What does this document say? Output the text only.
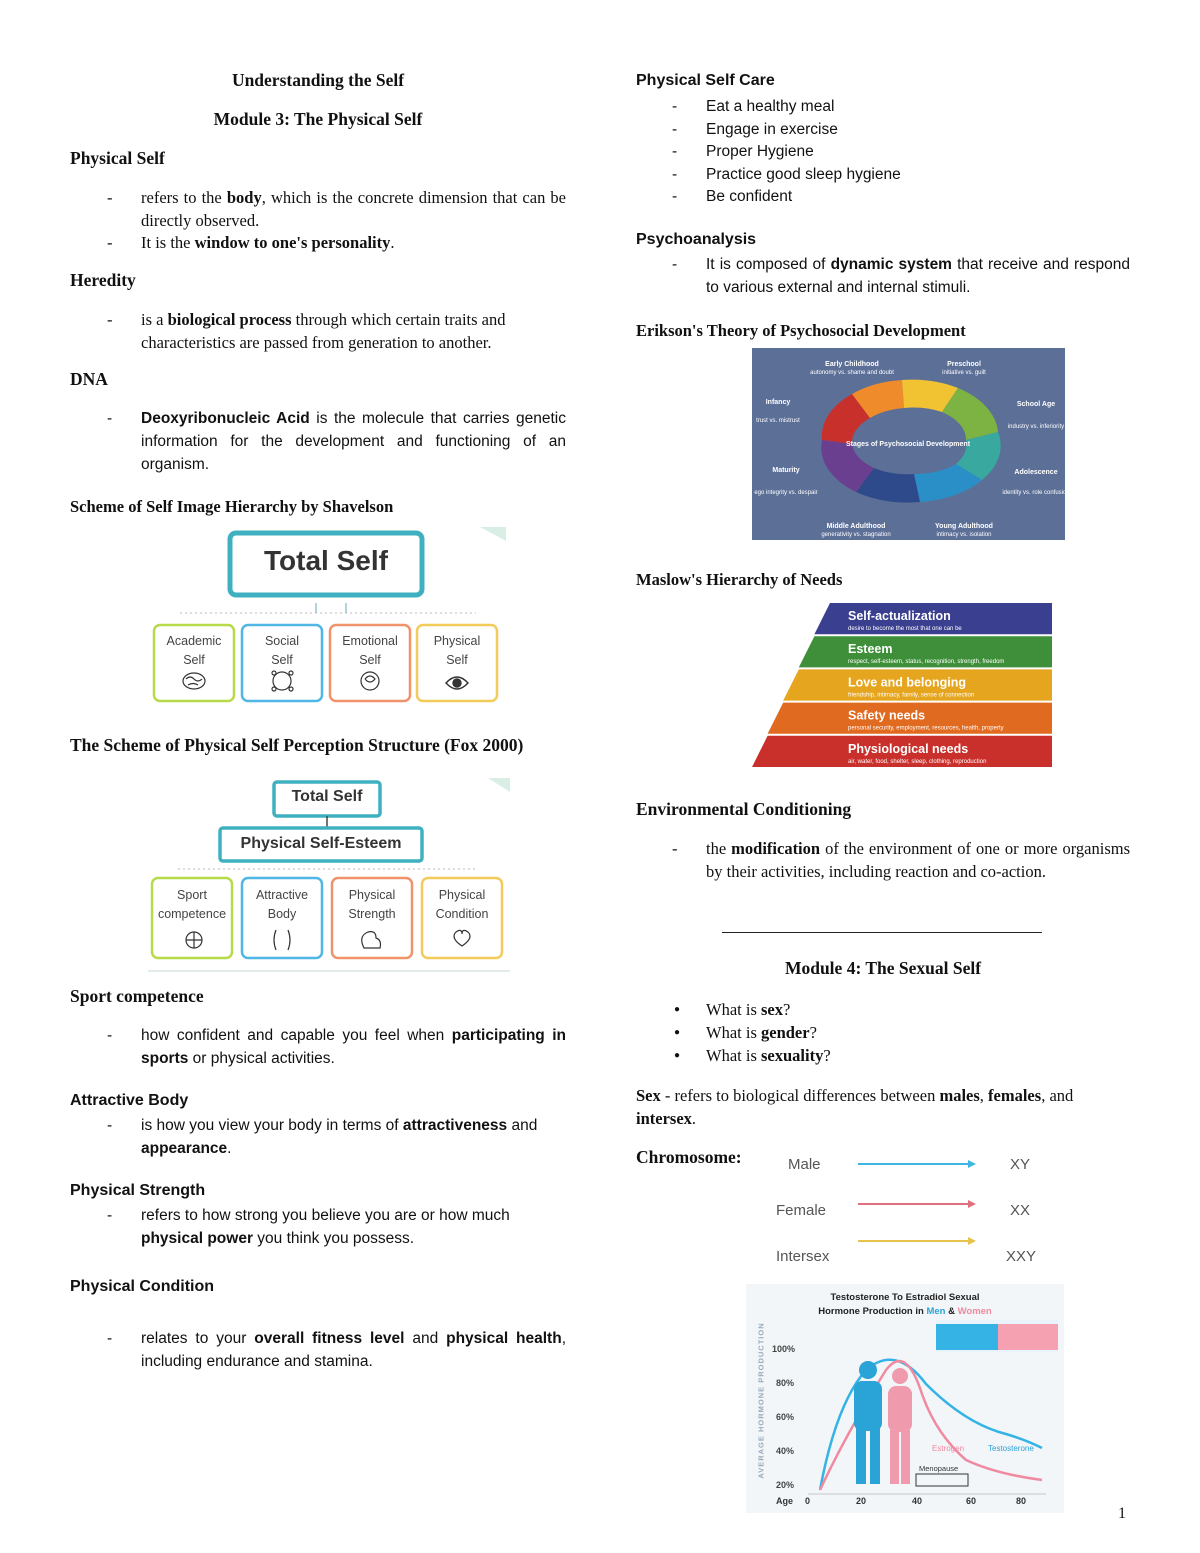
Understanding the Self
Module 3: The Physical Self
Physical Self
- refers to the body, which is the concrete dimension that can be directly observed.
- It is the window to one's personality.
Heredity
- is a biological process through which certain traits and characteristics are passed from generation to another.
DNA
- Deoxyribonucleic Acid is the molecule that carries genetic information for the development and functioning of an organism.
Scheme of Self Image Hierarchy by Shavelson
Total Self
Academic
Self
Social
Self
Emotional
Self
Physical
Self
The Scheme of Physical Self Perception Structure (Fox 2000)
Total Self
Physical Self-Esteem
Sport
competence
Attractive
Body
Physical
Strength
Physical
Condition
Sport competence
- how confident and capable you feel when participating in sports or physical activities.
Attractive Body
- is how you view your body in terms of attractiveness and appearance.
Physical Strength
- refers to how strong you believe you are or how much physical power you think you possess.
Physical Condition
- relates to your overall fitness level and physical health, including endurance and stamina.
Physical Self Care
- Eat a healthy meal
- Engage in exercise
- Proper Hygiene
- Practice good sleep hygiene
- Be confident
Psychoanalysis
- It is composed of dynamic system that receive and respond to various external and internal stimuli.
Erikson's Theory of Psychosocial Development
Infancy
trust vs. mistrust
Early Childhood
autonomy vs. shame and doubt
Preschool
initiative vs. guilt
School Age
industry vs. inferiority
Adolescence
identity vs. role confusion
Young Adulthood
intimacy vs. isolation
Middle Adulthood
generativity vs. stagnation
Maturity
ego integrity vs. despair
Stages of Psychosocial Development
Maslow's Hierarchy of Needs
Self-actualization
desire to become the most that one can be
Esteem
respect, self-esteem, status, recognition, strength, freedom
Love and belonging
friendship, intimacy, family, sense of connection
Safety needs
personal security, employment, resources, health, property
Physiological needs
air, water, food, shelter, sleep, clothing, reproduction
Environmental Conditioning
- the modification of the environment of one or more organisms by their activities, including reaction and co-action.
Module 4: The Sexual Self
● What is sex?
● What is gender?
● What is sexuality?
Sex - refers to biological differences between males, females, and intersex.
Chromosome:	Male	XY
Female	XX
Intersex	XXY
Testosterone To Estradiol Sexual
Hormone Production in Men & Women
AVERAGE HORMONE PRODUCTION 100%
80%
60%
40%
20%
Age 0	20	40	60	80
Estrogen	Testosterone
Menopause
1
